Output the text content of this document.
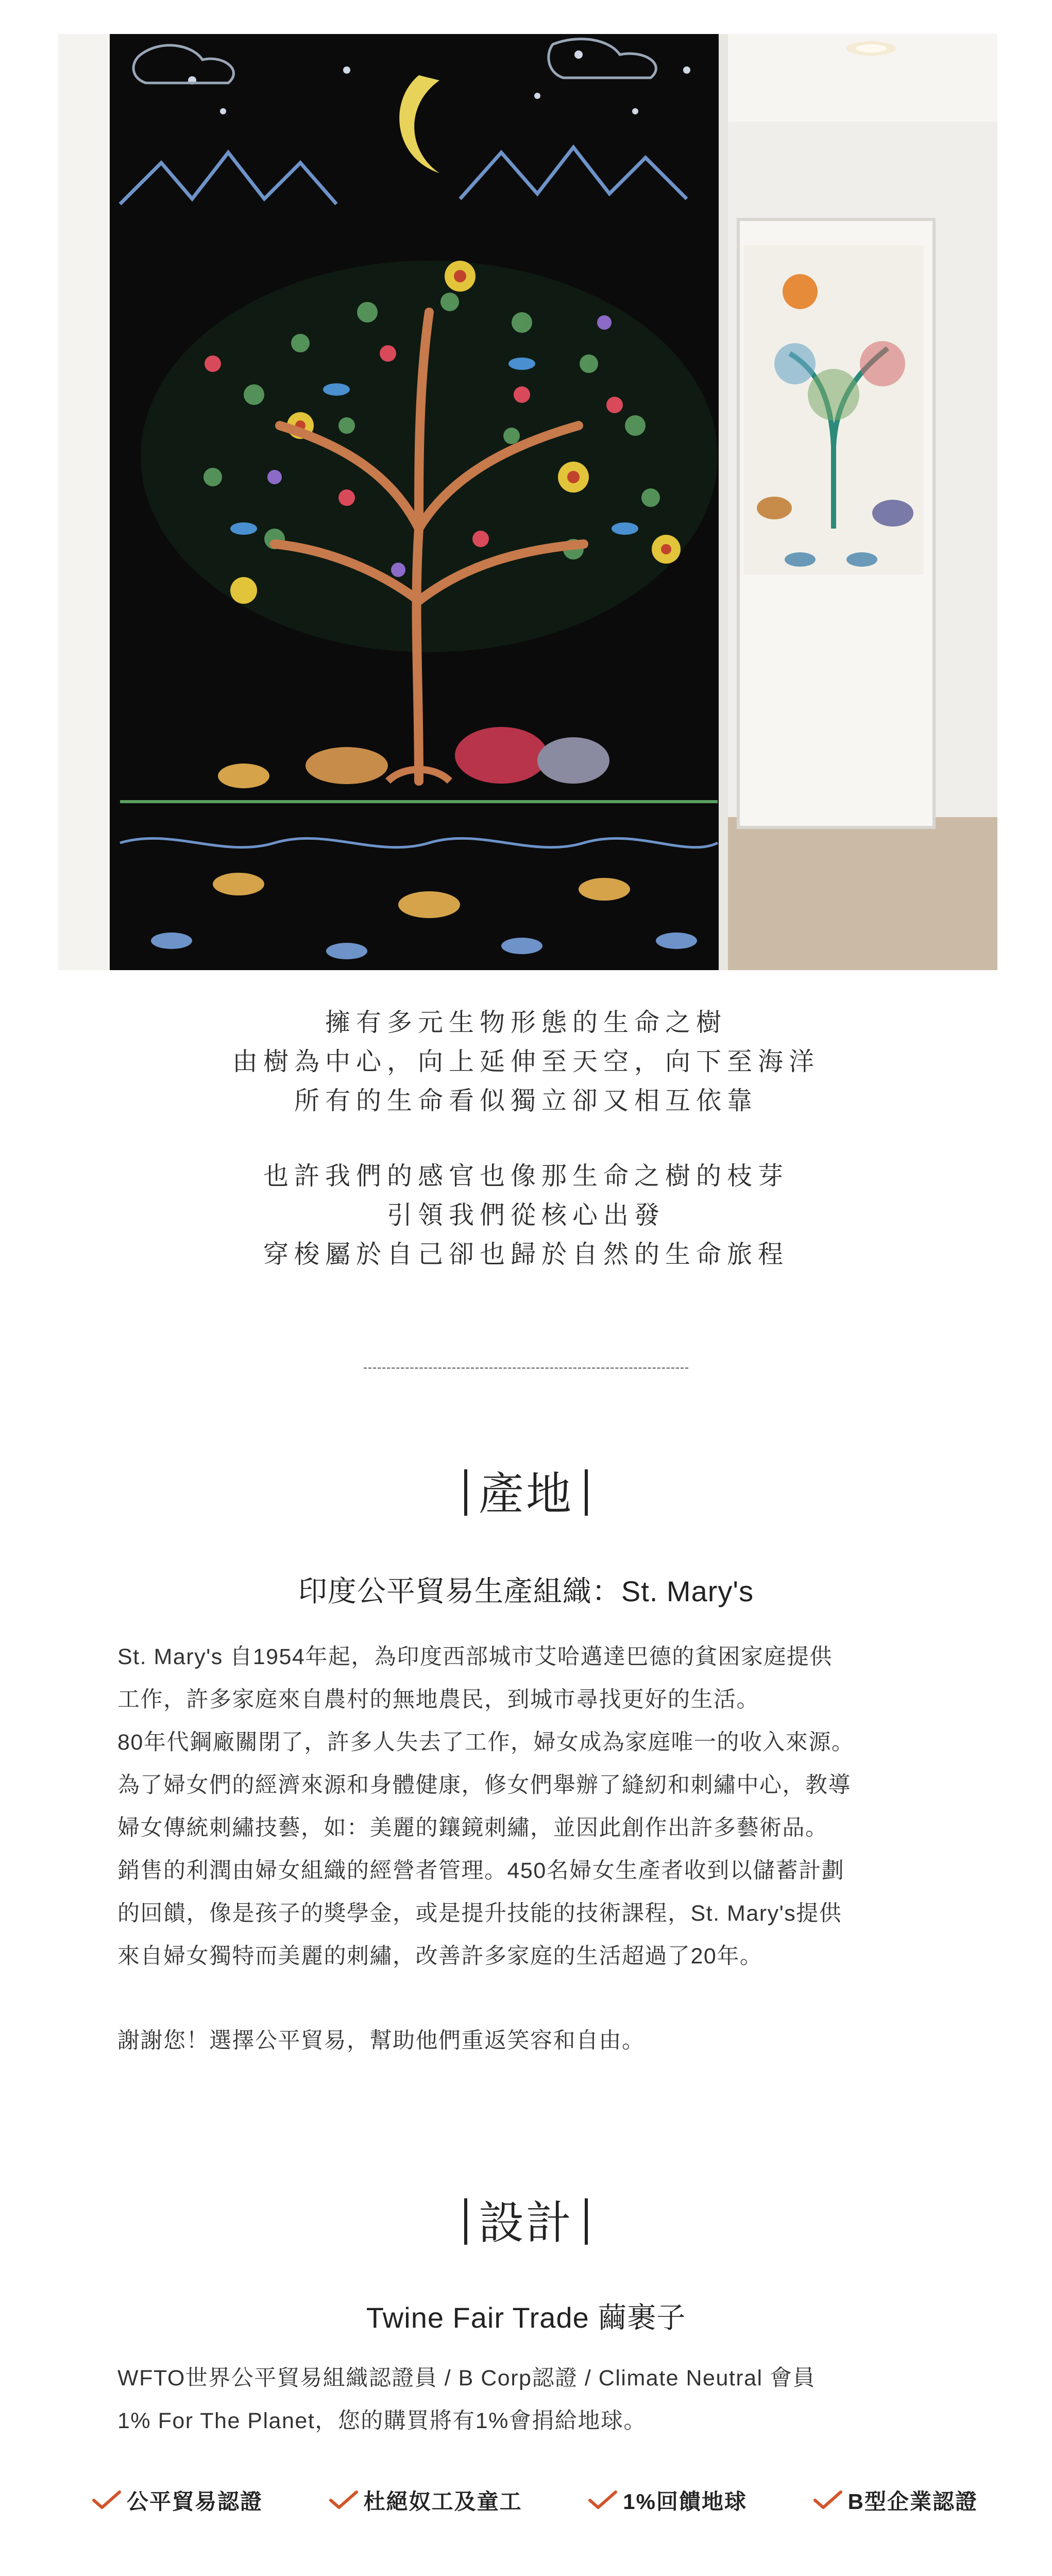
擁有多元生物形態的生命之樹
由樹為中心，向上延伸至天空，向下至海洋
所有的生命看似獨立卻又相互依靠
也許我們的感官也像那生命之樹的枝芽
引領我們從核心出發
穿梭屬於自己卻也歸於自然的生命旅程
產地
印度公平貿易生產組織：St. Mary's
St. Mary's 自1954年起，為印度西部城市艾哈邁達巴德的貧困家庭提供
工作，許多家庭來自農村的無地農民，到城市尋找更好的生活。
80年代鋼廠關閉了，許多人失去了工作，婦女成為家庭唯一的收入來源。
為了婦女們的經濟來源和身體健康，修女們舉辦了縫紉和刺繡中心，教導
婦女傳統刺繡技藝，如：美麗的鑲鏡刺繡，並因此創作出許多藝術品。
銷售的利潤由婦女組織的經營者管理。450名婦女生產者收到以儲蓄計劃
的回饋，像是孩子的獎學金，或是提升技能的技術課程，St. Mary's提供
來自婦女獨特而美麗的刺繡，改善許多家庭的生活超過了20年。
謝謝您！選擇公平貿易，幫助他們重返笑容和自由。
設計
Twine Fair Trade 繭裹子
WFTO世界公平貿易組織認證員 / B Corp認證 / Climate Neutral 會員
1% For The Planet，您的購買將有1%會捐給地球。
公平貿易認證	杜絕奴工及童工	1%回饋地球	B型企業認證
